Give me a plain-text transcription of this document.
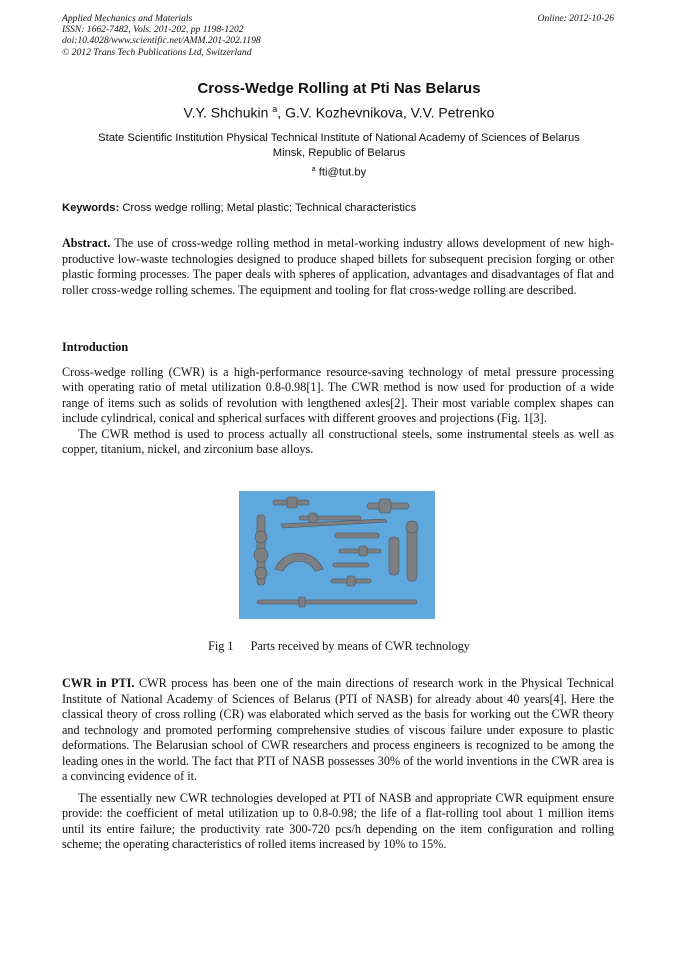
Applied Mechanics and Materials
ISSN: 1662-7482, Vols. 201-202, pp 1198-1202
doi:10.4028/www.scientific.net/AMM.201-202.1198
© 2012 Trans Tech Publications Ltd, Switzerland
Online: 2012-10-26
Cross-Wedge Rolling at Pti Nas Belarus
V.Y. Shchukin $^a$, G.V. Kozhevnikova, V.V. Petrenko
State Scientific Institution Physical Technical Institute of National Academy of Sciences of Belarus
Minsk, Republic of Belarus
$^a$ fti@tut.by
Keywords: Cross wedge rolling; Metal plastic; Technical characteristics

Abstract. The use of cross-wedge rolling method in metal-working industry allows development of new high-productive low-waste technologies designed to produce shaped billets for subsequent precision forging or other plastic forming processes. The paper deals with spheres of application, advantages and disadvantages of flat and roller cross-wedge rolling schemes. The equipment and tooling for flat cross-wedge rolling are described.

Introduction

Cross-wedge rolling (CWR) is a high-performance resource-saving technology of metal pressure processing with operating ratio of metal utilization 0.8-0.98[1]. The CWR method is now used for production of a wide range of items such as solids of revolution with lengthened axles[2]. Their most variable complex shapes can include cylindrical, conical and spherical surfaces with different grooves and projections (Fig. 1[3].

The CWR method is used to process actually all constructional steels, some instrumental steels as well as copper, titanium, nickel, and zirconium base alloys.

Fig 1 Parts received by means of CWR technology

CWR in PTI. CWR process has been one of the main directions of research work in the Physical Technical Institute of National Academy of Sciences of Belarus (PTI of NASB) for already about 40 years[4]. Here the classical theory of cross rolling (CR) was elaborated which served as the basis for working out the CWR theory and technology and promoted performing comprehensive studies of viscous failure under exposure to plastic deformations. The Belarusian school of CWR researchers and process engineers is recognized to be among the leading ones in the world. The fact that PTI of NASB possesses 30% of the world inventions in the CWR area is a convincing evidence of it.

The essentially new CWR technologies developed at PTI of NASB and appropriate CWR equipment ensure provide: the coefficient of metal utilization up to 0.8-0.98; the life of a flat-rolling tool about 1 million items until its entire failure; the productivity rate 300-720 pcs/h depending on the item configuration and rolling scheme; the operating characteristics of rolled items increased by 10% to 15%.
